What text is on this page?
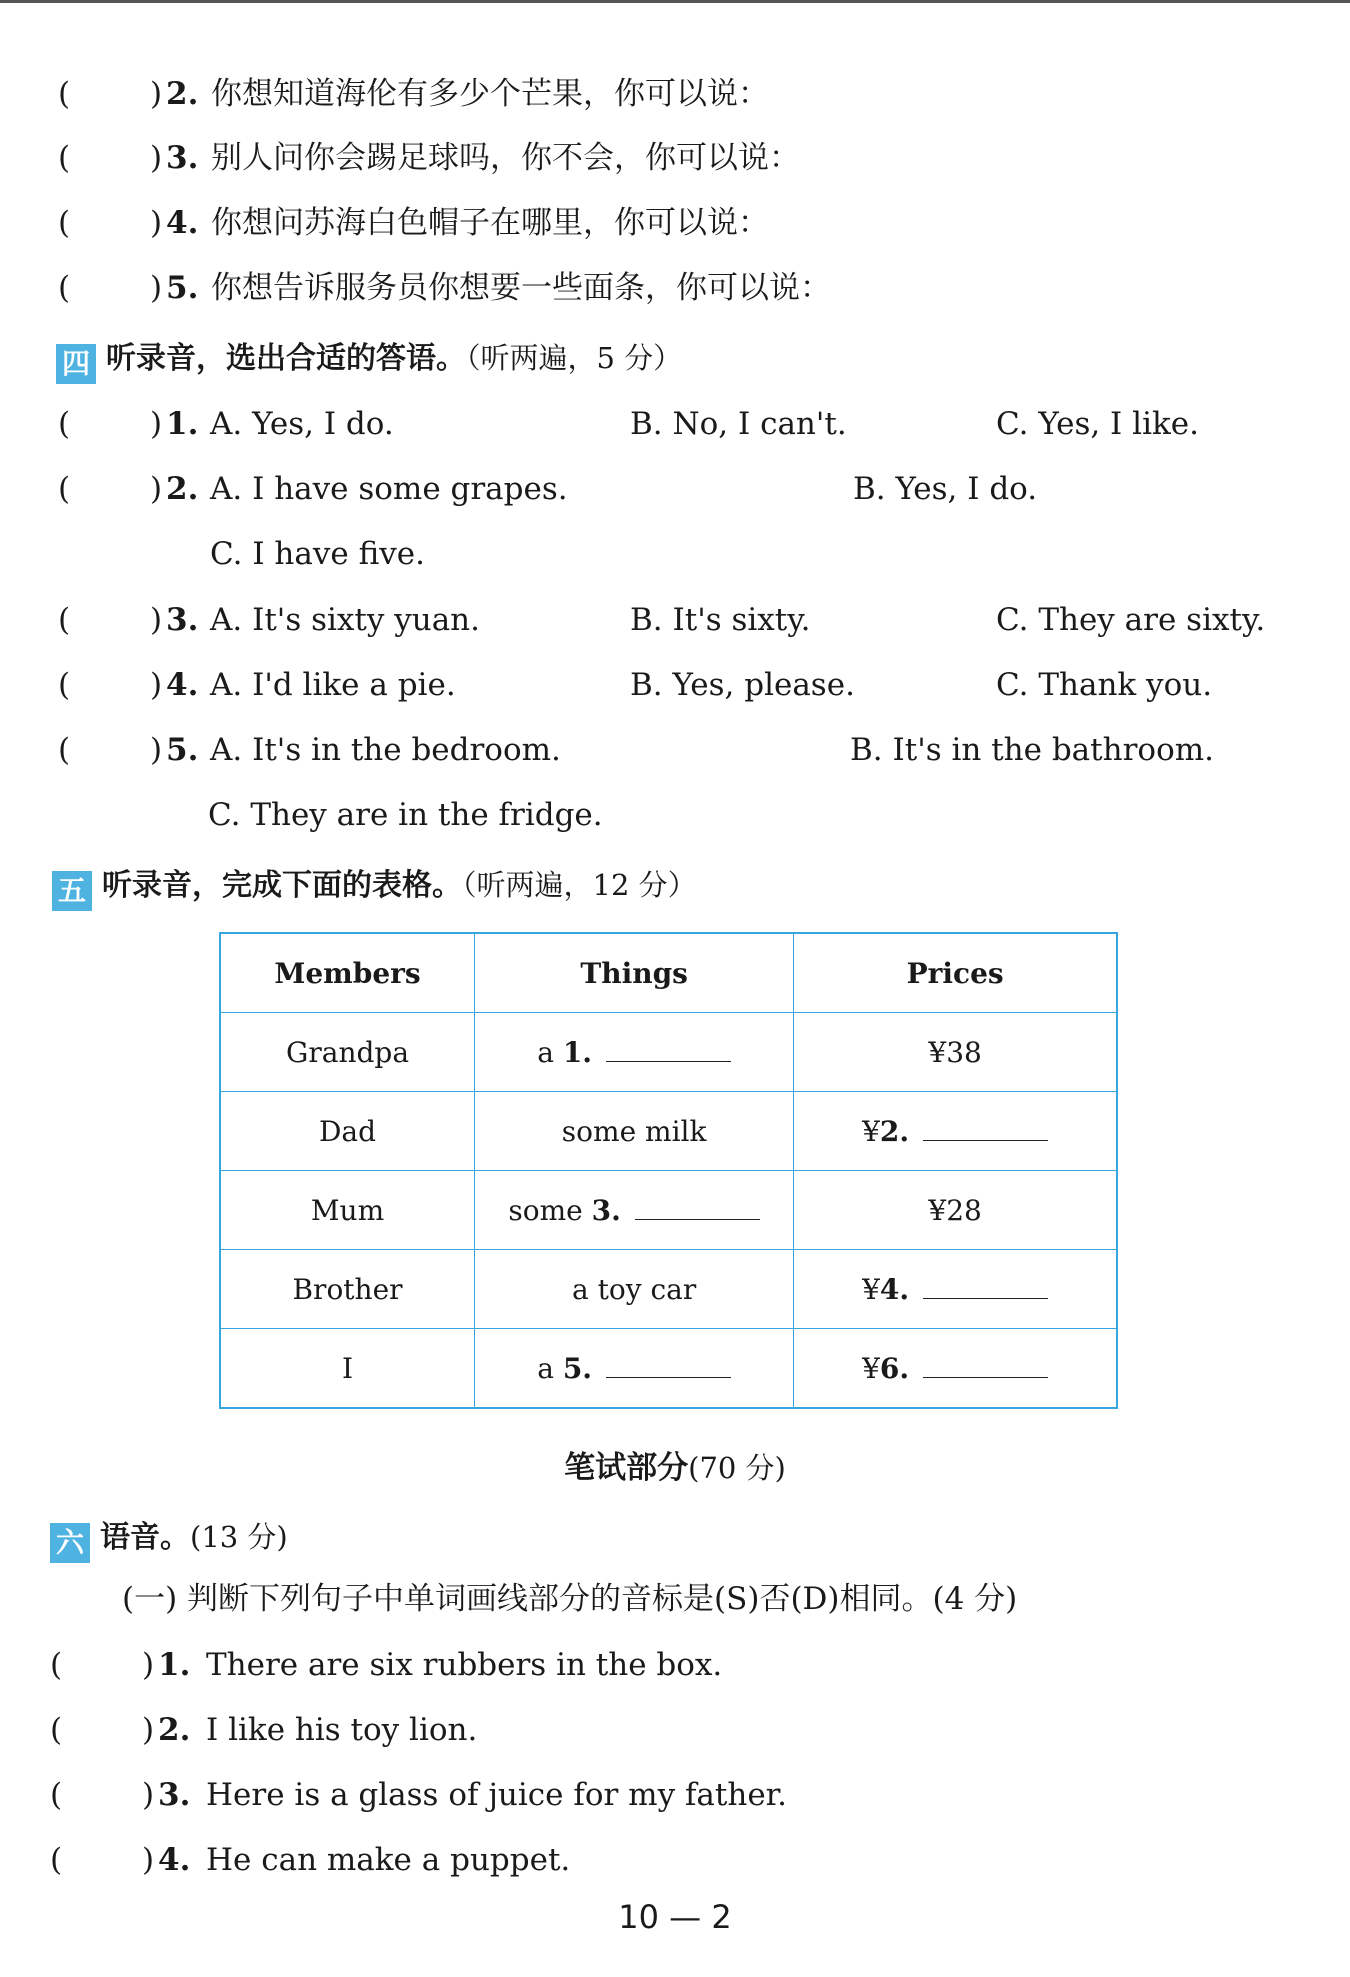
(	) 2. 你想知道海伦有多少个芒果，你可以说：
(	) 3. 别人问你会踢足球吗，你不会，你可以说：
(	) 4. 你想问苏海白色帽子在哪里，你可以说：
(	) 5. 你想告诉服务员你想要一些面条，你可以说：
四 听录音，选出合适的答语。（听两遍，5 分）
(	) 1. A. Yes, I do.	B. No, I can't.	C. Yes, I like.
(	) 2. A. I have some grapes.	B. Yes, I do.
C. I have five.
(	) 3. A. It's sixty yuan.	B. It's sixty.	C. They are sixty.
(	) 4. A. I'd like a pie.	B. Yes, please.	C. Thank you.
(	) 5. A. It's in the bedroom.	B. It's in the bathroom.
C. They are in the fridge.
五 听录音，完成下面的表格。（听两遍，12 分）
Members	Things	Prices
Grandpa	a 1.	¥38
Dad	some milk	¥2.
Mum	some 3.	¥28
Brother	a toy car	¥4.
I	a 5.	¥6.
笔试部分(70 分)
六 语音。(13 分)
(一) 判断下列句子中单词画线部分的音标是(S)否(D)相同。(4 分)
(	) 1. There are six rubbers in the box.
(	) 2. I like his toy lion.
(	) 3. Here is a glass of juice for my father.
(	) 4. He can make a puppet.
10 — 2
